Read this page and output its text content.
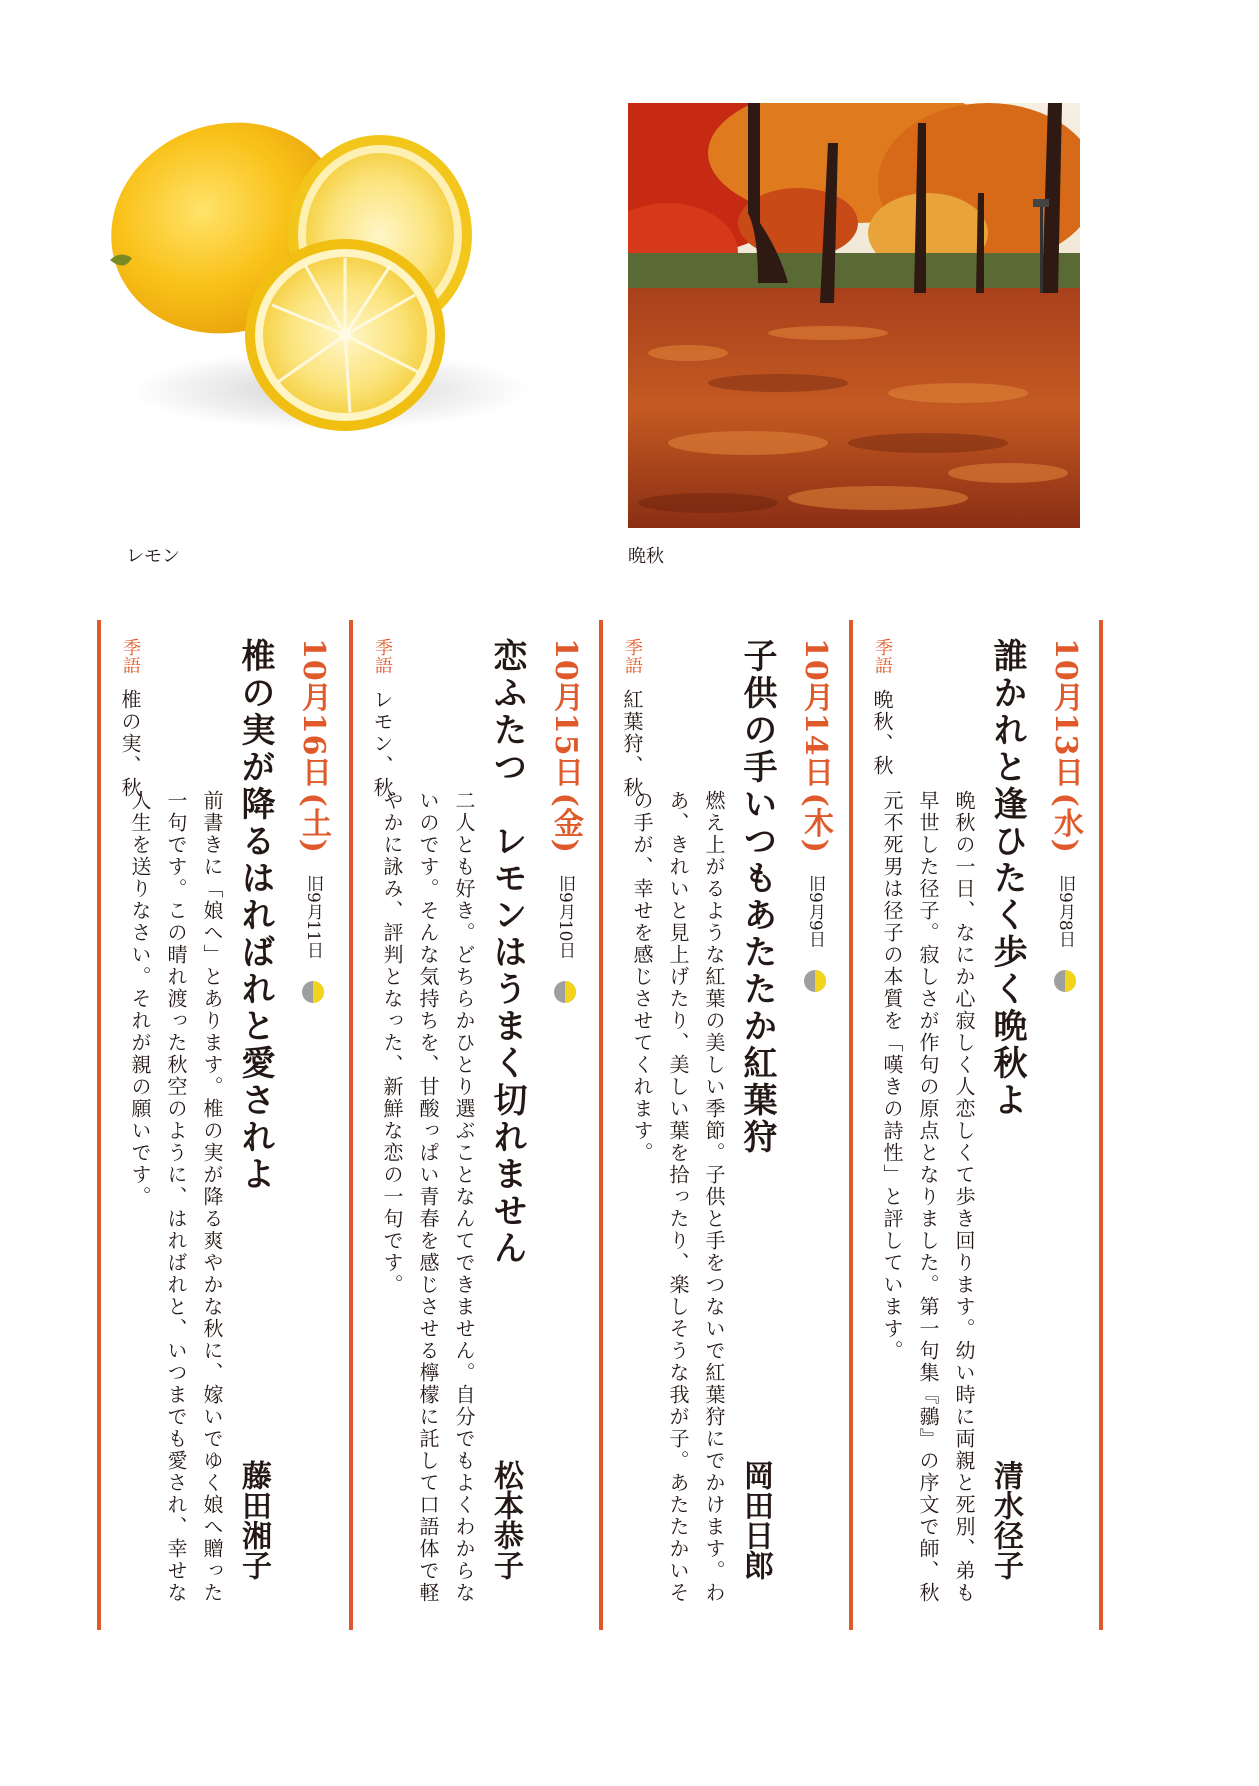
レモン	晩秋
10月13日 (水) 旧9月8日
誰かれと逢ひたく歩く晩秋よ
清水径子
晩秋の一日、なにか心寂しく人恋しくて歩き回ります。幼い時に両親と死別、弟も早世した径子。寂しさが作句の原点となりました。第一句集『鶸』の序文で師、秋元不死男は径子の本質を「嘆きの詩性」と評しています。
季語 晩秋、秋
10月14日 (木) 旧9月9日
子供の手いつもあたたか紅葉狩
岡田日郎
燃え上がるような紅葉の美しい季節。子供と手をつないで紅葉狩にでかけます。わあ、きれいと見上げたり、美しい葉を拾ったり、楽しそうな我が子。あたたかいその手が、幸せを感じさせてくれます。
季語 紅葉狩、秋
10月15日 (金) 旧9月10日
恋ふたつ　レモンはうまく切れません
松本恭子
二人とも好き。どちらかひとり選ぶことなんてできません。自分でもよくわからないのです。そんな気持ちを、甘酸っぱい青春を感じさせる檸檬に託して口語体で軽やかに詠み、評判となった、新鮮な恋の一句です。
季語 レモン、秋
10月16日 (土) 旧9月11日
椎の実が降るはればれと愛されよ
藤田湘子
前書きに「娘へ」とあります。椎の実が降る爽やかな秋に、嫁いでゆく娘へ贈った一句です。この晴れ渡った秋空のように、はればれと、いつまでも愛され、幸せな人生を送りなさい。それが親の願いです。
季語 椎の実、秋
